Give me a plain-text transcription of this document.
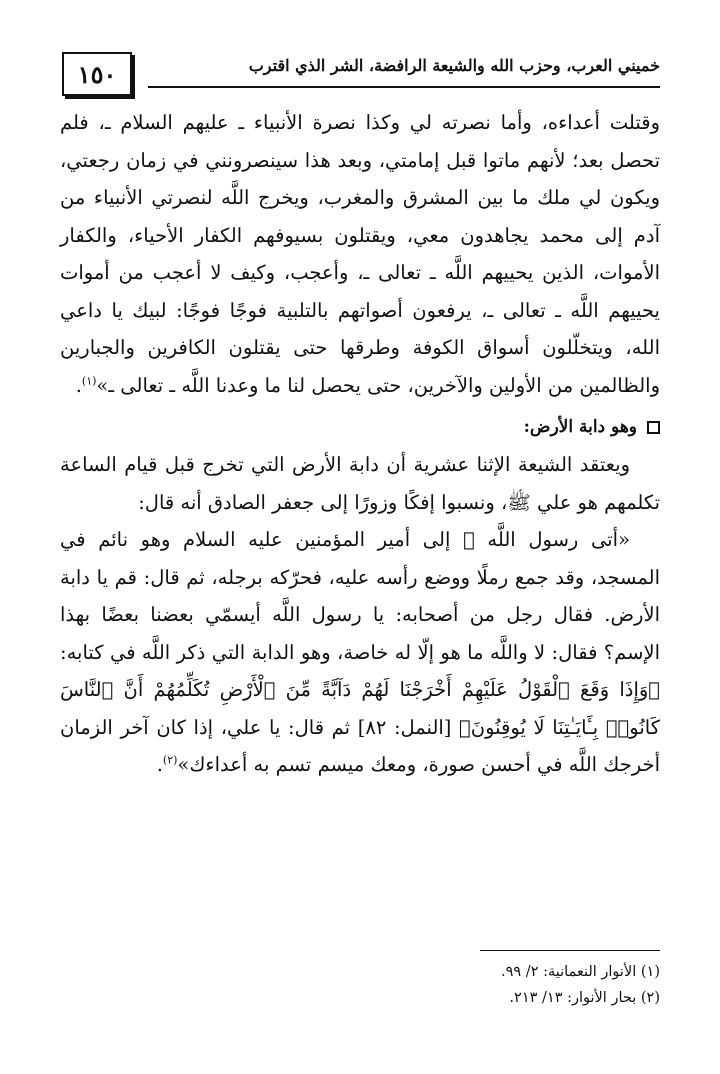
خميني العرب، وحزب الله والشيعة الرافضة، الشر الذي اقترب
١٥٠

وقتلت أعداءه، وأما نصرته لي وكذا نصرة الأنبياء ـ عليهم السلام ـ، فلم تحصل بعد؛ لأنهم ماتوا قبل إمامتي، وبعد هذا سينصرونني في زمان رجعتي، ويكون لي ملك ما بين المشرق والمغرب، ويخرج اللَّه لنصرتي الأنبياء من آدم إلى محمد يجاهدون معي، ويقتلون بسيوفهم الكفار الأحياء، والكفار الأموات، الذين يحييهم اللَّه ـ تعالى ـ، وأعجب، وكيف لا أعجب من أموات يحييهم اللَّه ـ تعالى ـ، يرفعون أصواتهم بالتلبية فوجًا فوجًا: لبيك يا داعي الله، ويتخلّلون أسواق الكوفة وطرقها حتى يقتلون الكافرين والجبارين والظالمين من الأولين والآخرين، حتى يحصل لنا ما وعدنا اللَّه ـ تعالى ـ»$^{(١)}$.

وهو دابة الأرض:

ويعتقد الشيعة الإثنا عشرية أن دابة الأرض التي تخرج قبل قيام الساعة تكلمهم هو علي ﷺ، ونسبوا إفكًا وزورًا إلى جعفر الصادق أنه قال:

«أتى رسول اللَّه ﷺ إلى أمير المؤمنين عليه السلام وهو نائم في المسجد، وقد جمع رملًا ووضع رأسه عليه، فحرّكه برجله، ثم قال: قم يا دابة الأرض. فقال رجل من أصحابه: يا رسول اللَّه أيسمّي بعضنا بعضًا بهذا الإسم؟ فقال: لا واللَّه ما هو إلّا له خاصة، وهو الدابة التي ذكر اللَّه في كتابه: ﴿وَإِذَا وَقَعَ ٱلْقَوْلُ عَلَيْهِمْ أَخْرَجْنَا لَهُمْ دَآبَّةً مِّنَ ٱلْأَرْضِ تُكَلِّمُهُمْ أَنَّ ٱلنَّاسَ كَانُوا۟ بِـَٔايَـٰتِنَا لَا يُوقِنُونَ﴾ [النمل: ٨٢] ثم قال: يا علي، إذا كان آخر الزمان أخرجك اللَّه في أحسن صورة، ومعك ميسم تسم به أعداءك»$^{(٢)}$.

(١) الأنوار النعمانية: ٢/ ٩٩.

(٢) بحار الأنوار: ١٣/ ٢١٣.
